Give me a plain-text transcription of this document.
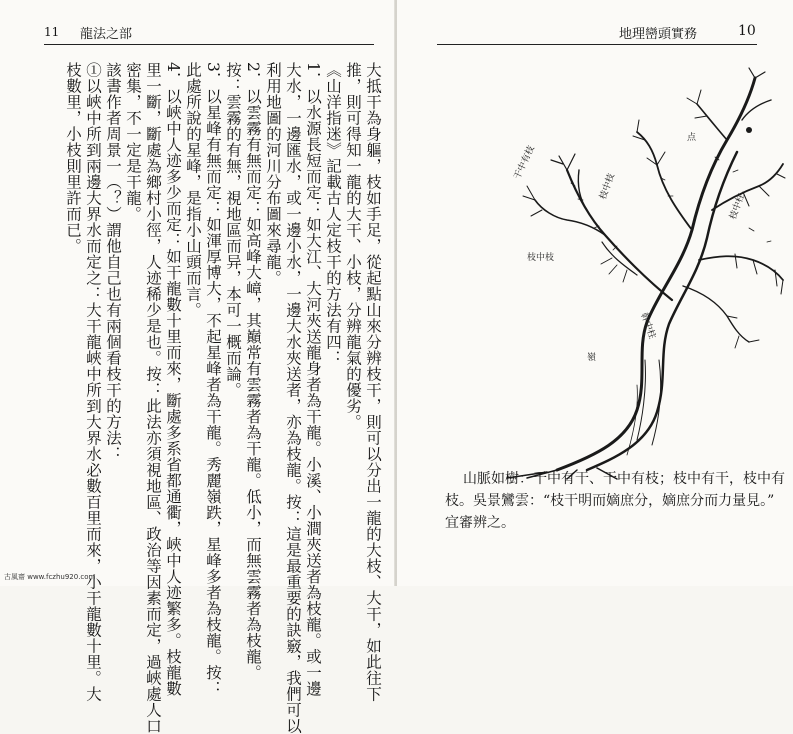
11 龍法之部
大抵干為身軀，枝如手足，從起點山來分辨枝干，則可以分出一龍的大枝、大干，如此往下
推，則可得知一龍的大干、小枝，分辨龍氣的優劣。
《山洋指迷》記載古人定枝干的方法有四：
1．以水源長短而定：如大江、大河夾送龍身者為干龍。小溪、小澗夾送者為枝龍。或一邊
大水，一邊匯水，或一邊小水，一邊大水夾送者，亦為枝龍。按：這是最重要的訣竅，我們可以
利用地圖的河川分布圖來尋龍。
2．以雲霧有無而定：如高峰大嶂，其巔常有雲霧者為干龍。低小，而無雲霧者為枝龍。
按：雲霧的有無，視地區而异，本可一概而論。
3．以星峰有無而定：如渾厚博大，不起星峰者為干龍。秀麗嶺跌，星峰多者為枝龍。按：
此處所說的星峰，是指小山頭而言。
4．以峽中人迹多少而定：如干龍數十里而來，斷處多系省都通衢，峽中人迹繁多。枝龍數
里一斷，斷處為鄉村小徑，人迹稀少是也。按：此法亦須視地區、政治等因素而定，過峽處人口
密集，不一定是干龍。
該書作者周景一（？）謂他自己也有兩個看枝干的方法：
①以峽中所到兩邊大界水而定之：大干龍峽中所到大界水必數百里而來，小干龍數十里。大
枝數里，小枝則里許而已。
地理巒頭實務	10
干中有枝
枝中枝
枝中枝
点
幹中柱
枝中柱
嶺
山脈如樹：干中有干、干中有枝；枝中有干，枝中有
枝。吳景鸞雲：“枝干明而嫡庶分，嫡庶分而力量見。”
宜審辨之。
古風齋 www.fczhu920.com
